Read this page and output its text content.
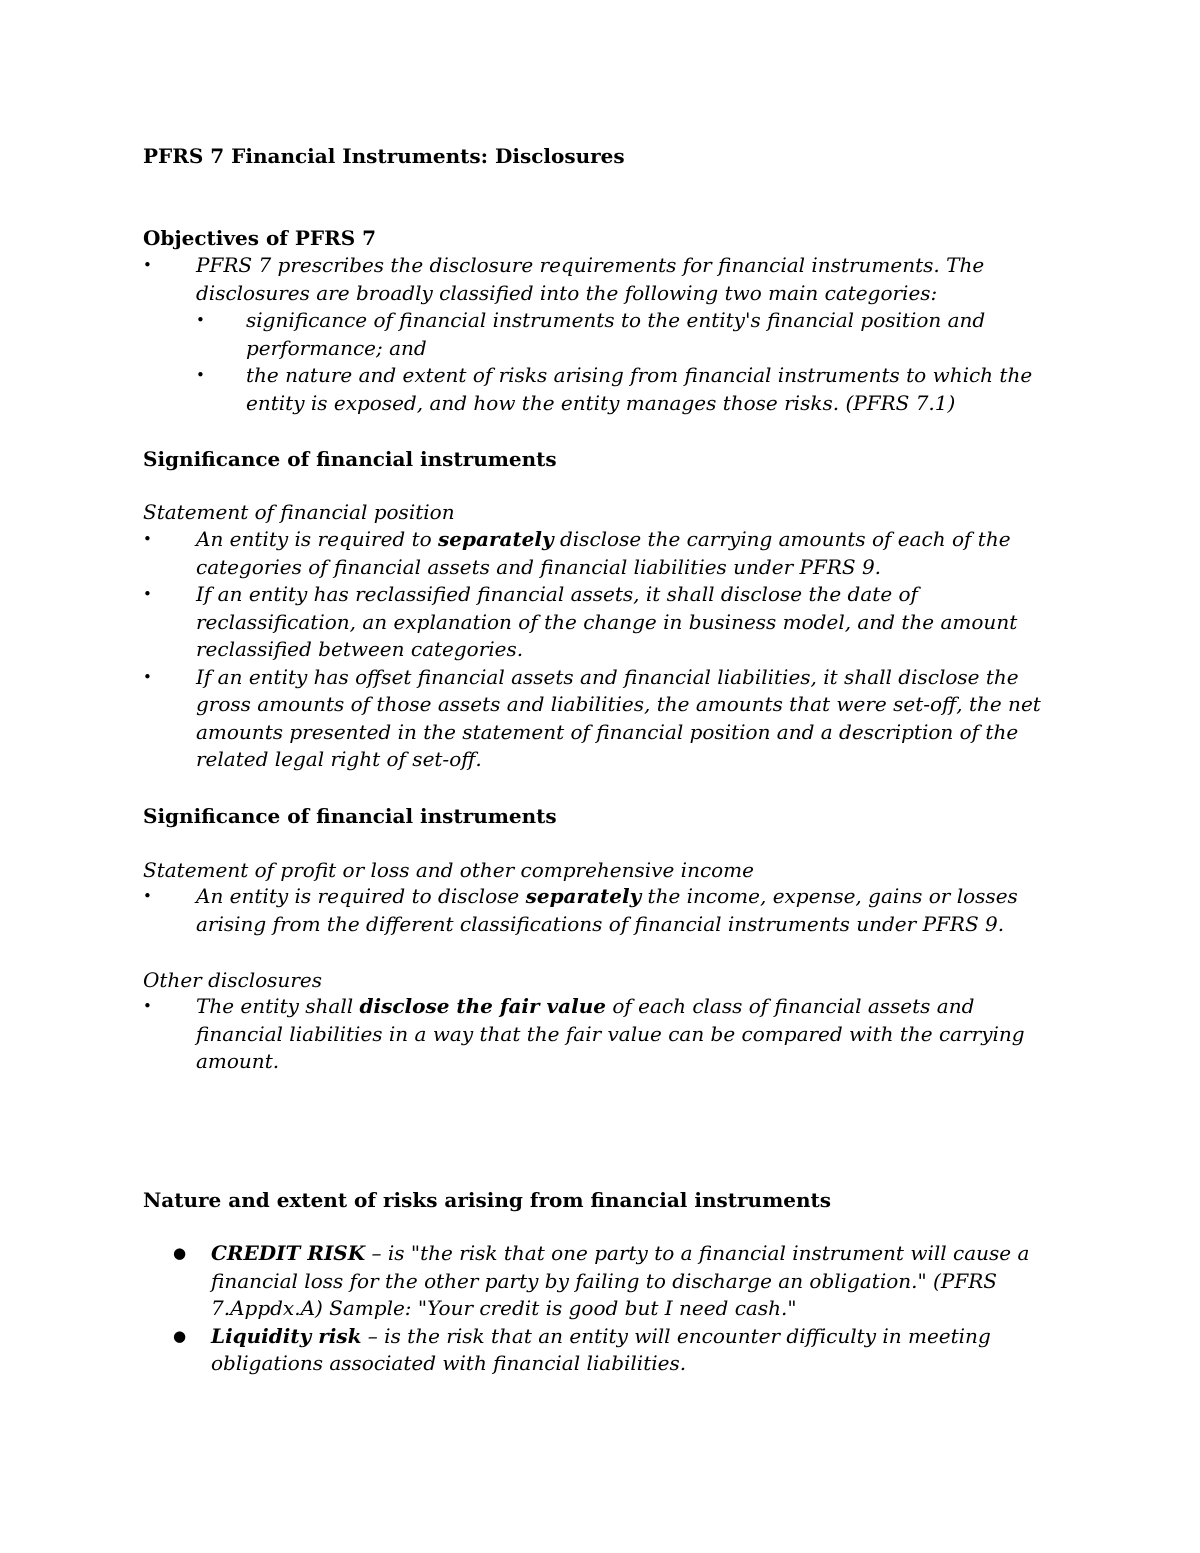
PFRS 7 Financial Instruments: Disclosures
Objectives of PFRS 7
• PFRS 7 prescribes the disclosure requirements for financial instruments. The disclosures are broadly classified into the following two main categories:
• significance of financial instruments to the entity's financial position and performance; and
• the nature and extent of risks arising from financial instruments to which the entity is exposed, and how the entity manages those risks. (PFRS 7.1)
Significance of financial instruments
Statement of financial position
• An entity is required to separately disclose the carrying amounts of each of the categories of financial assets and financial liabilities under PFRS 9.
• If an entity has reclassified financial assets, it shall disclose the date of reclassification, an explanation of the change in business model, and the amount reclassified between categories.
• If an entity has offset financial assets and financial liabilities, it shall disclose the gross amounts of those assets and liabilities, the amounts that were set-off, the net amounts presented in the statement of financial position and a description of the related legal right of set-off.
Significance of financial instruments
Statement of profit or loss and other comprehensive income
• An entity is required to disclose separately the income, expense, gains or losses arising from the different classifications of financial instruments under PFRS 9.
Other disclosures
• The entity shall disclose the fair value of each class of financial assets and financial liabilities in a way that the fair value can be compared with the carrying amount.
Nature and extent of risks arising from financial instruments
● CREDIT RISK – is "the risk that one party to a financial instrument will cause a financial loss for the other party by failing to discharge an obligation." (PFRS 7.Appdx.A) Sample: "Your credit is good but I need cash."
● Liquidity risk – is the risk that an entity will encounter difficulty in meeting obligations associated with financial liabilities.
